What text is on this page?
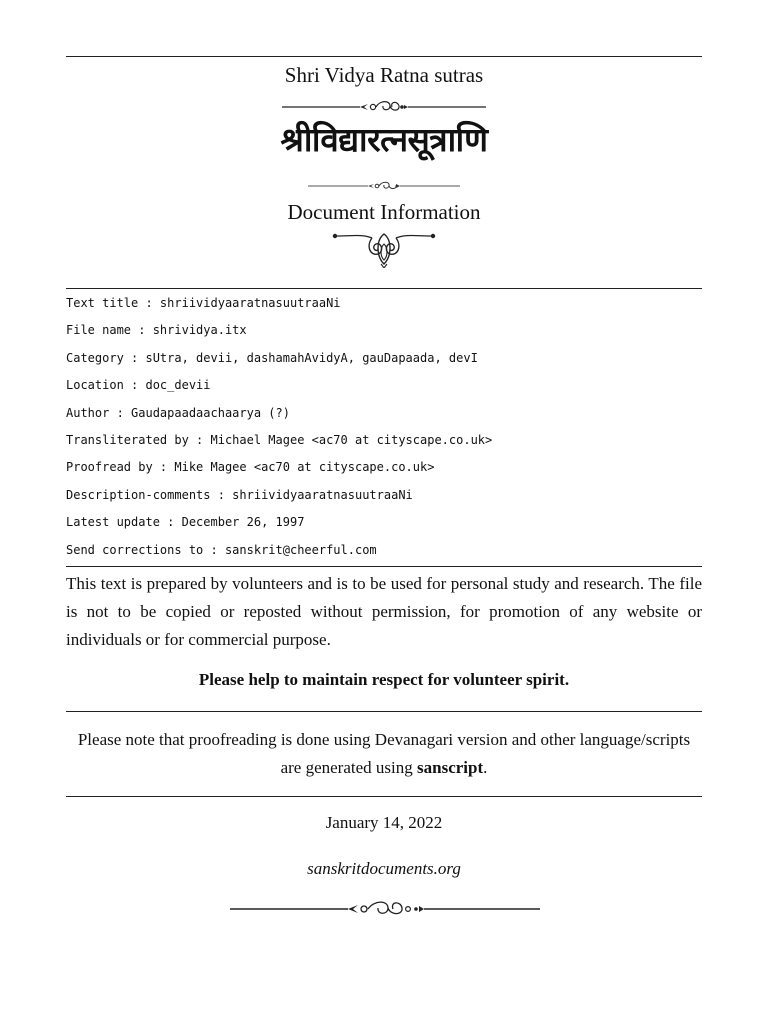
Shri Vidya Ratna sutras
श्रीविद्यारत्नसूत्राणि
Document Information
Text title : shriividyaaratnasuutraaNi
File name : shrividya.itx
Category : sUtra, devii, dashamahAvidyA, gauDapaada, devI
Location : doc_devii
Author : Gaudapaadaachaarya (?)
Transliterated by : Michael Magee <ac70 at cityscape.co.uk>
Proofread by : Mike Magee <ac70 at cityscape.co.uk>
Description-comments : shriividyaaratnasuutraaNi
Latest update : December 26, 1997
Send corrections to : sanskrit@cheerful.com
This text is prepared by volunteers and is to be used for personal study and research. The file is not to be copied or reposted without permission, for promotion of any website or individuals or for commercial purpose.
Please help to maintain respect for volunteer spirit.
Please note that proofreading is done using Devanagari version and other language/scripts are generated using sanscript.
January 14, 2022
sanskritdocuments.org
